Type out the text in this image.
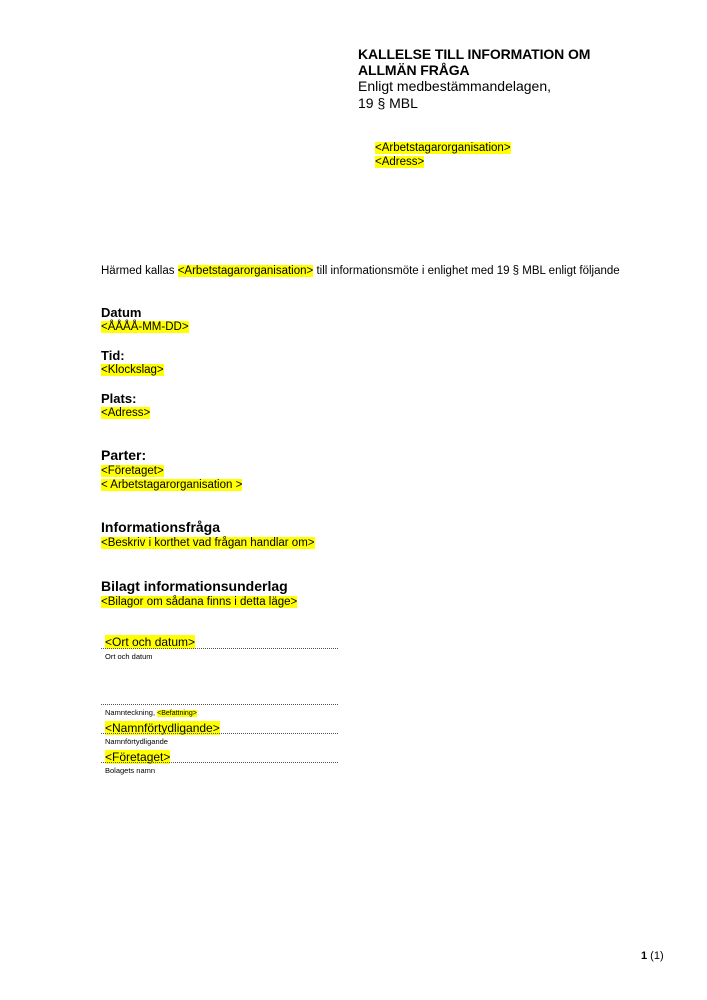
KALLELSE TILL INFORMATION OM
ALLMÄN FRÅGA
Enligt medbestämmandelagen,
19 § MBL
<Arbetstagarorganisation>
<Adress>
Härmed kallas <Arbetstagarorganisation> till informationsmöte i enlighet med 19 § MBL enligt följande
Datum
<ÅÅÅÅ-MM-DD>
Tid:
<Klockslag>
Plats:
<Adress>
Parter:
<Företaget>
< Arbetstagarorganisation >
Informationsfråga
<Beskriv i korthet vad frågan handlar om>
Bilagt informationsunderlag
<Bilagor om sådana finns i detta läge>
<Ort och datum>
Ort och datum
Namnteckning, <Befattning>
<Namnförtydligande>
Namnförtydligande
<Företaget>
Bolagets namn
1 (1)
